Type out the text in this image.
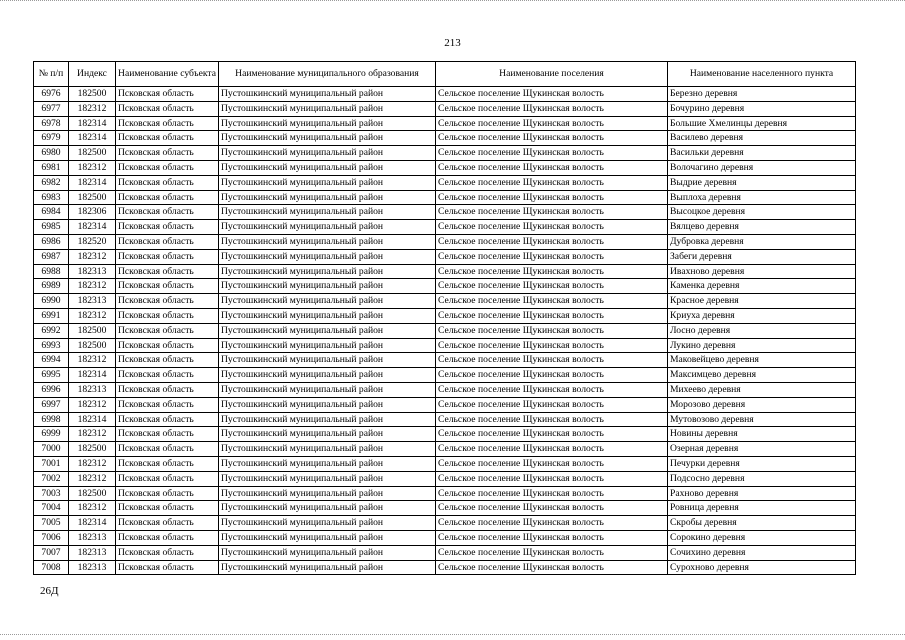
213
№ п/п	Индекс	Наименование субъекта	Наименование муниципального образования	Наименование поселения	Наименование населенного пункта
6976	182500	Псковская область	Пустошкинский муниципальный район	Сельское поселение Щукинская волость	Березно деревня
6977	182312	Псковская область	Пустошкинский муниципальный район	Сельское поселение Щукинская волость	Бочурино деревня
6978	182314	Псковская область	Пустошкинский муниципальный район	Сельское поселение Щукинская волость	Большие Хмелинцы деревня
6979	182314	Псковская область	Пустошкинский муниципальный район	Сельское поселение Щукинская волость	Василево деревня
6980	182500	Псковская область	Пустошкинский муниципальный район	Сельское поселение Щукинская волость	Васильки деревня
6981	182312	Псковская область	Пустошкинский муниципальный район	Сельское поселение Щукинская волость	Волочагино деревня
6982	182314	Псковская область	Пустошкинский муниципальный район	Сельское поселение Щукинская волость	Выдрие деревня
6983	182500	Псковская область	Пустошкинский муниципальный район	Сельское поселение Щукинская волость	Выплоха деревня
6984	182306	Псковская область	Пустошкинский муниципальный район	Сельское поселение Щукинская волость	Высоцкое деревня
6985	182314	Псковская область	Пустошкинский муниципальный район	Сельское поселение Щукинская волость	Вялцево деревня
6986	182520	Псковская область	Пустошкинский муниципальный район	Сельское поселение Щукинская волость	Дубровка деревня
6987	182312	Псковская область	Пустошкинский муниципальный район	Сельское поселение Щукинская волость	Забеги деревня
6988	182313	Псковская область	Пустошкинский муниципальный район	Сельское поселение Щукинская волость	Ивахново деревня
6989	182312	Псковская область	Пустошкинский муниципальный район	Сельское поселение Щукинская волость	Каменка деревня
6990	182313	Псковская область	Пустошкинский муниципальный район	Сельское поселение Щукинская волость	Красное деревня
6991	182312	Псковская область	Пустошкинский муниципальный район	Сельское поселение Щукинская волость	Криуха деревня
6992	182500	Псковская область	Пустошкинский муниципальный район	Сельское поселение Щукинская волость	Лосно деревня
6993	182500	Псковская область	Пустошкинский муниципальный район	Сельское поселение Щукинская волость	Лукино деревня
6994	182312	Псковская область	Пустошкинский муниципальный район	Сельское поселение Щукинская волость	Маковейцево деревня
6995	182314	Псковская область	Пустошкинский муниципальный район	Сельское поселение Щукинская волость	Максимцево деревня
6996	182313	Псковская область	Пустошкинский муниципальный район	Сельское поселение Щукинская волость	Михеево деревня
6997	182312	Псковская область	Пустошкинский муниципальный район	Сельское поселение Щукинская волость	Морозово деревня
6998	182314	Псковская область	Пустошкинский муниципальный район	Сельское поселение Щукинская волость	Мутовозово деревня
6999	182312	Псковская область	Пустошкинский муниципальный район	Сельское поселение Щукинская волость	Новины деревня
7000	182500	Псковская область	Пустошкинский муниципальный район	Сельское поселение Щукинская волость	Озерная деревня
7001	182312	Псковская область	Пустошкинский муниципальный район	Сельское поселение Щукинская волость	Печурки деревня
7002	182312	Псковская область	Пустошкинский муниципальный район	Сельское поселение Щукинская волость	Подсосно деревня
7003	182500	Псковская область	Пустошкинский муниципальный район	Сельское поселение Щукинская волость	Рахново деревня
7004	182312	Псковская область	Пустошкинский муниципальный район	Сельское поселение Щукинская волость	Ровница деревня
7005	182314	Псковская область	Пустошкинский муниципальный район	Сельское поселение Щукинская волость	Скробы деревня
7006	182313	Псковская область	Пустошкинский муниципальный район	Сельское поселение Щукинская волость	Сорокино деревня
7007	182313	Псковская область	Пустошкинский муниципальный район	Сельское поселение Щукинская волость	Сочихино деревня
7008	182313	Псковская область	Пустошкинский муниципальный район	Сельское поселение Щукинская волость	Сурохново деревня
26Д
